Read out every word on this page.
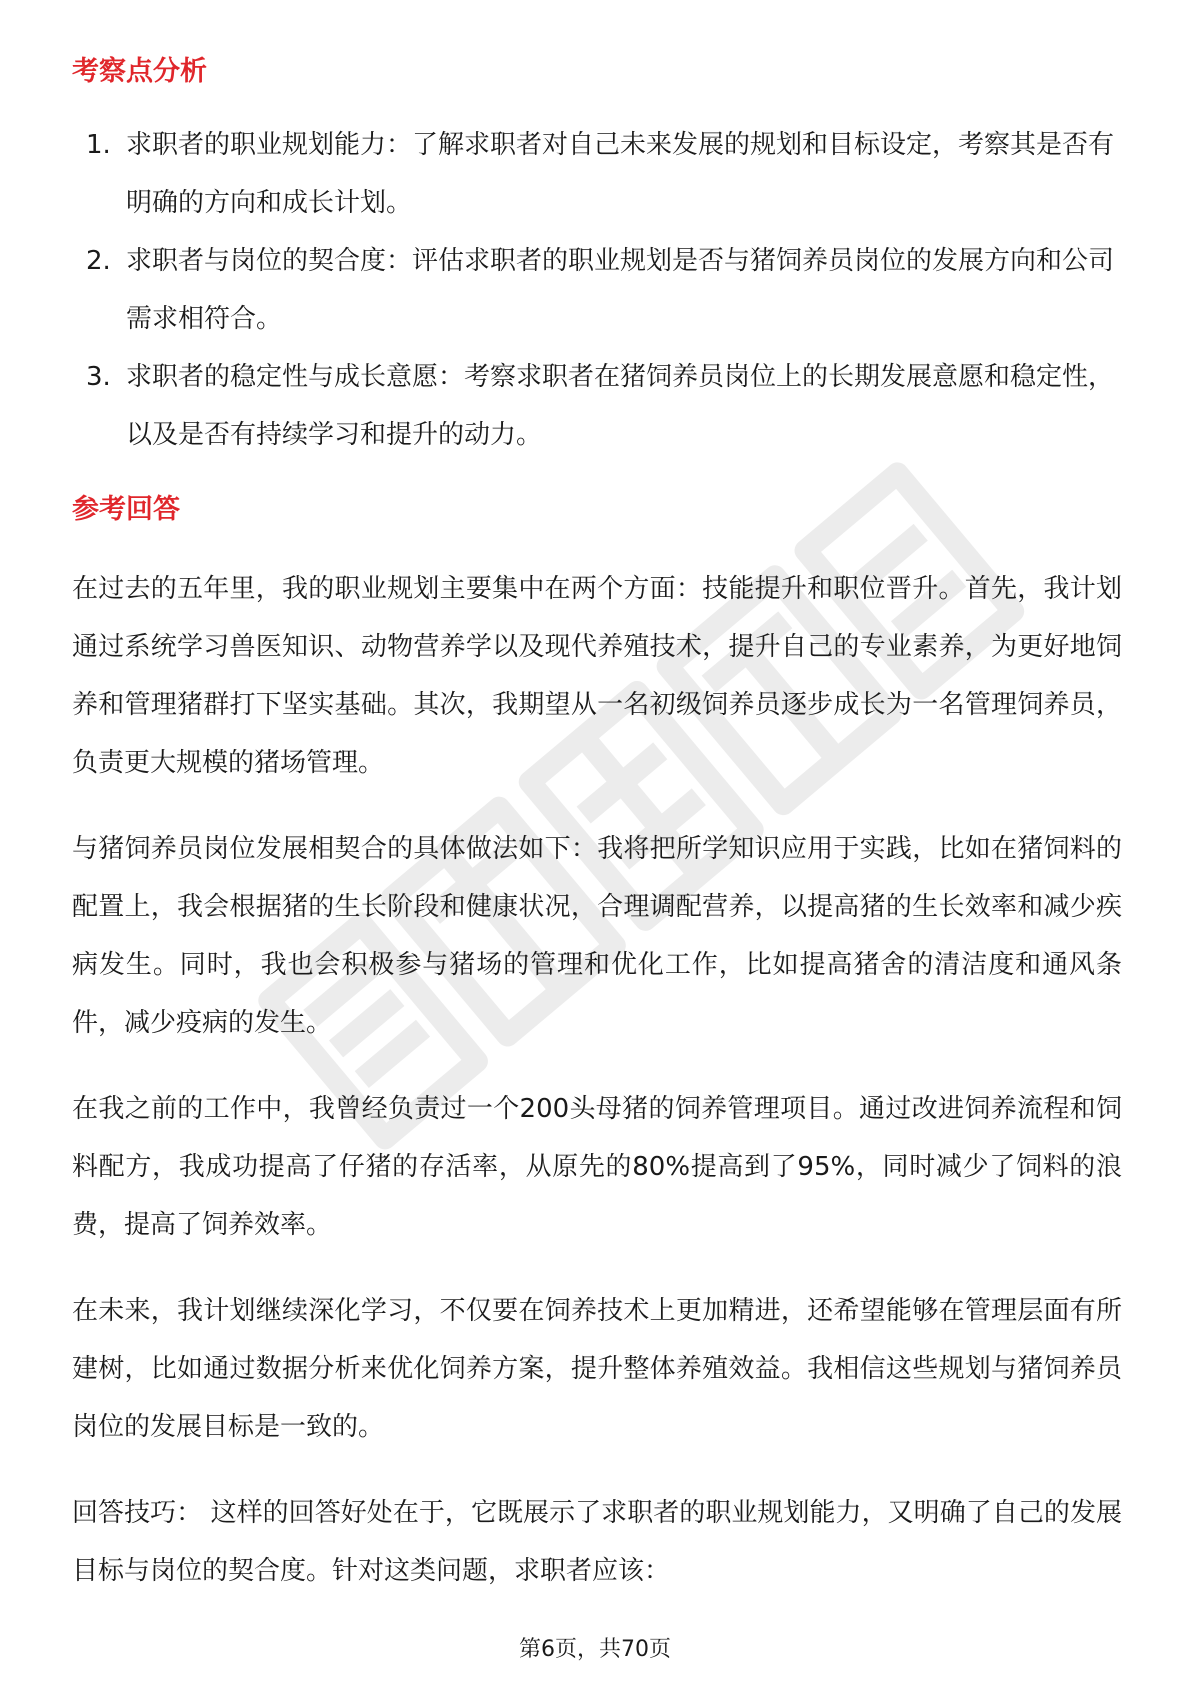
考察点分析
1. 求职者的职业规划能力：了解求职者对自己未来发展的规划和目标设定，考察其是否有明确的方向和成长计划。
2. 求职者与岗位的契合度：评估求职者的职业规划是否与猪饲养员岗位的发展方向和公司需求相符合。
3. 求职者的稳定性与成长意愿：考察求职者在猪饲养员岗位上的长期发展意愿和稳定性，以及是否有持续学习和提升的动力。
参考回答

在过去的五年里，我的职业规划主要集中在两个方面：技能提升和职位晋升。首先，我计划通过系统学习兽医知识、动物营养学以及现代养殖技术，提升自己的专业素养，为更好地饲养和管理猪群打下坚实基础。其次，我期望从一名初级饲养员逐步成长为一名管理饲养员，负责更大规模的猪场管理。

与猪饲养员岗位发展相契合的具体做法如下：我将把所学知识应用于实践，比如在猪饲料的配置上，我会根据猪的生长阶段和健康状况，合理调配营养，以提高猪的生长效率和减少疾病发生。同时，我也会积极参与猪场的管理和优化工作，比如提高猪舍的清洁度和通风条件，减少疫病的发生。

在我之前的工作中，我曾经负责过一个200头母猪的饲养管理项目。通过改进饲养流程和饲料配方，我成功提高了仔猪的存活率，从原先的80%提高到了95%，同时减少了饲料的浪费，提高了饲养效率。

在未来，我计划继续深化学习，不仅要在饲养技术上更加精进，还希望能够在管理层面有所建树，比如通过数据分析来优化饲养方案，提升整体养殖效益。我相信这些规划与猪饲养员岗位的发展目标是一致的。

回答技巧： 这样的回答好处在于，它既展示了求职者的职业规划能力，又明确了自己的发展目标与岗位的契合度。针对这类问题，求职者应该：

第6页，共70页
